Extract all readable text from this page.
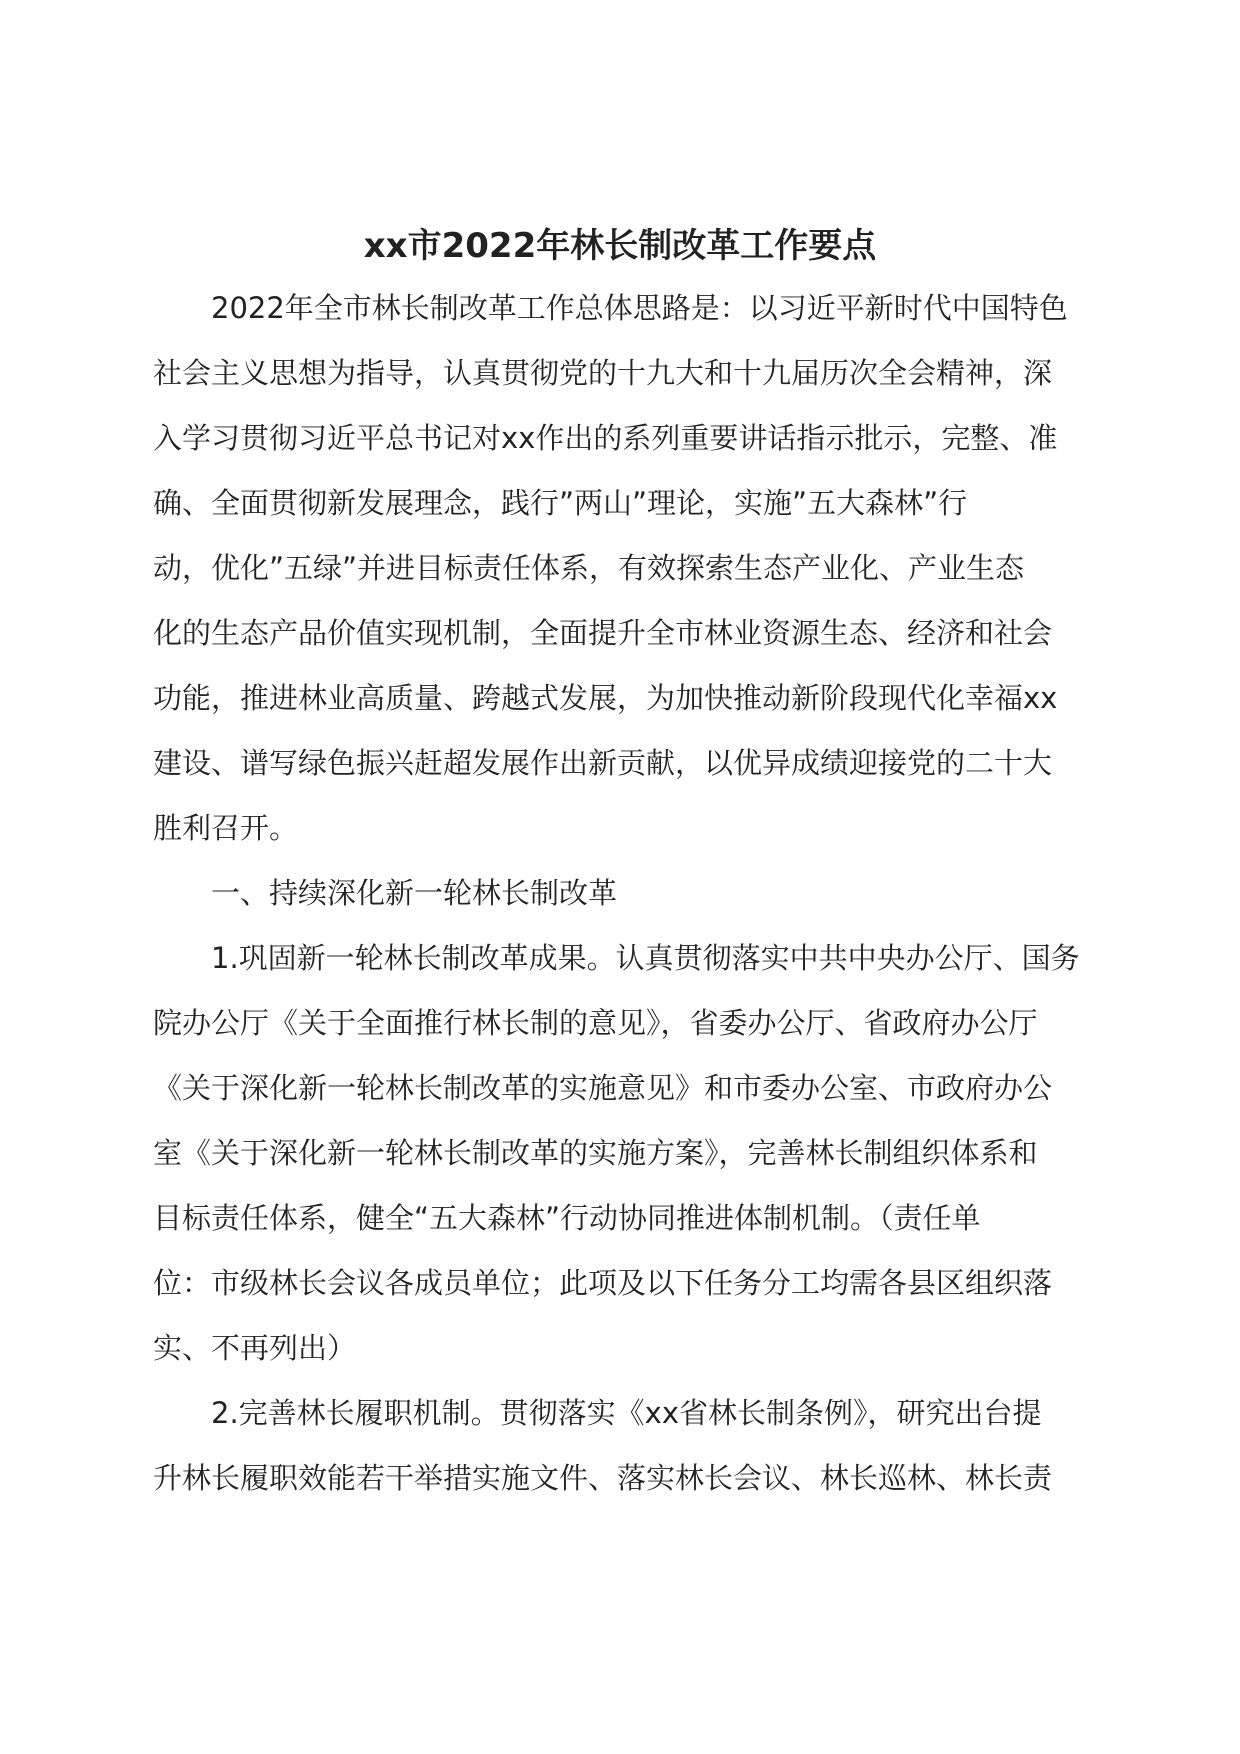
xx市2022年林长制改革工作要点
2022年全市林长制改革工作总体思路是：以习近平新时代中国特色
社会主义思想为指导，认真贯彻党的十九大和十九届历次全会精神，深
入学习贯彻习近平总书记对xx作出的系列重要讲话指示批示，完整、准
确、全面贯彻新发展理念，践行”两山”理论，实施”五大森林”行
动，优化”五绿”并进目标责任体系，有效探索生态产业化、产业生态
化的生态产品价值实现机制，全面提升全市林业资源生态、经济和社会
功能，推进林业高质量、跨越式发展，为加快推动新阶段现代化幸福xx
建设、谱写绿色振兴赶超发展作出新贡献，以优异成绩迎接党的二十大
胜利召开。
一、持续深化新一轮林长制改革
1.巩固新一轮林长制改革成果。认真贯彻落实中共中央办公厅、国务
院办公厅《关于全面推行林长制的意见》，省委办公厅、省政府办公厅
《关于深化新一轮林长制改革的实施意见》和市委办公室、市政府办公
室《关于深化新一轮林长制改革的实施方案》，完善林长制组织体系和
目标责任体系，健全“五大森林”行动协同推进体制机制。（责任单
位：市级林长会议各成员单位；此项及以下任务分工均需各县区组织落
实、不再列出）
2.完善林长履职机制。贯彻落实《xx省林长制条例》，研究出台提
升林长履职效能若干举措实施文件、落实林长会议、林长巡林、林长责
